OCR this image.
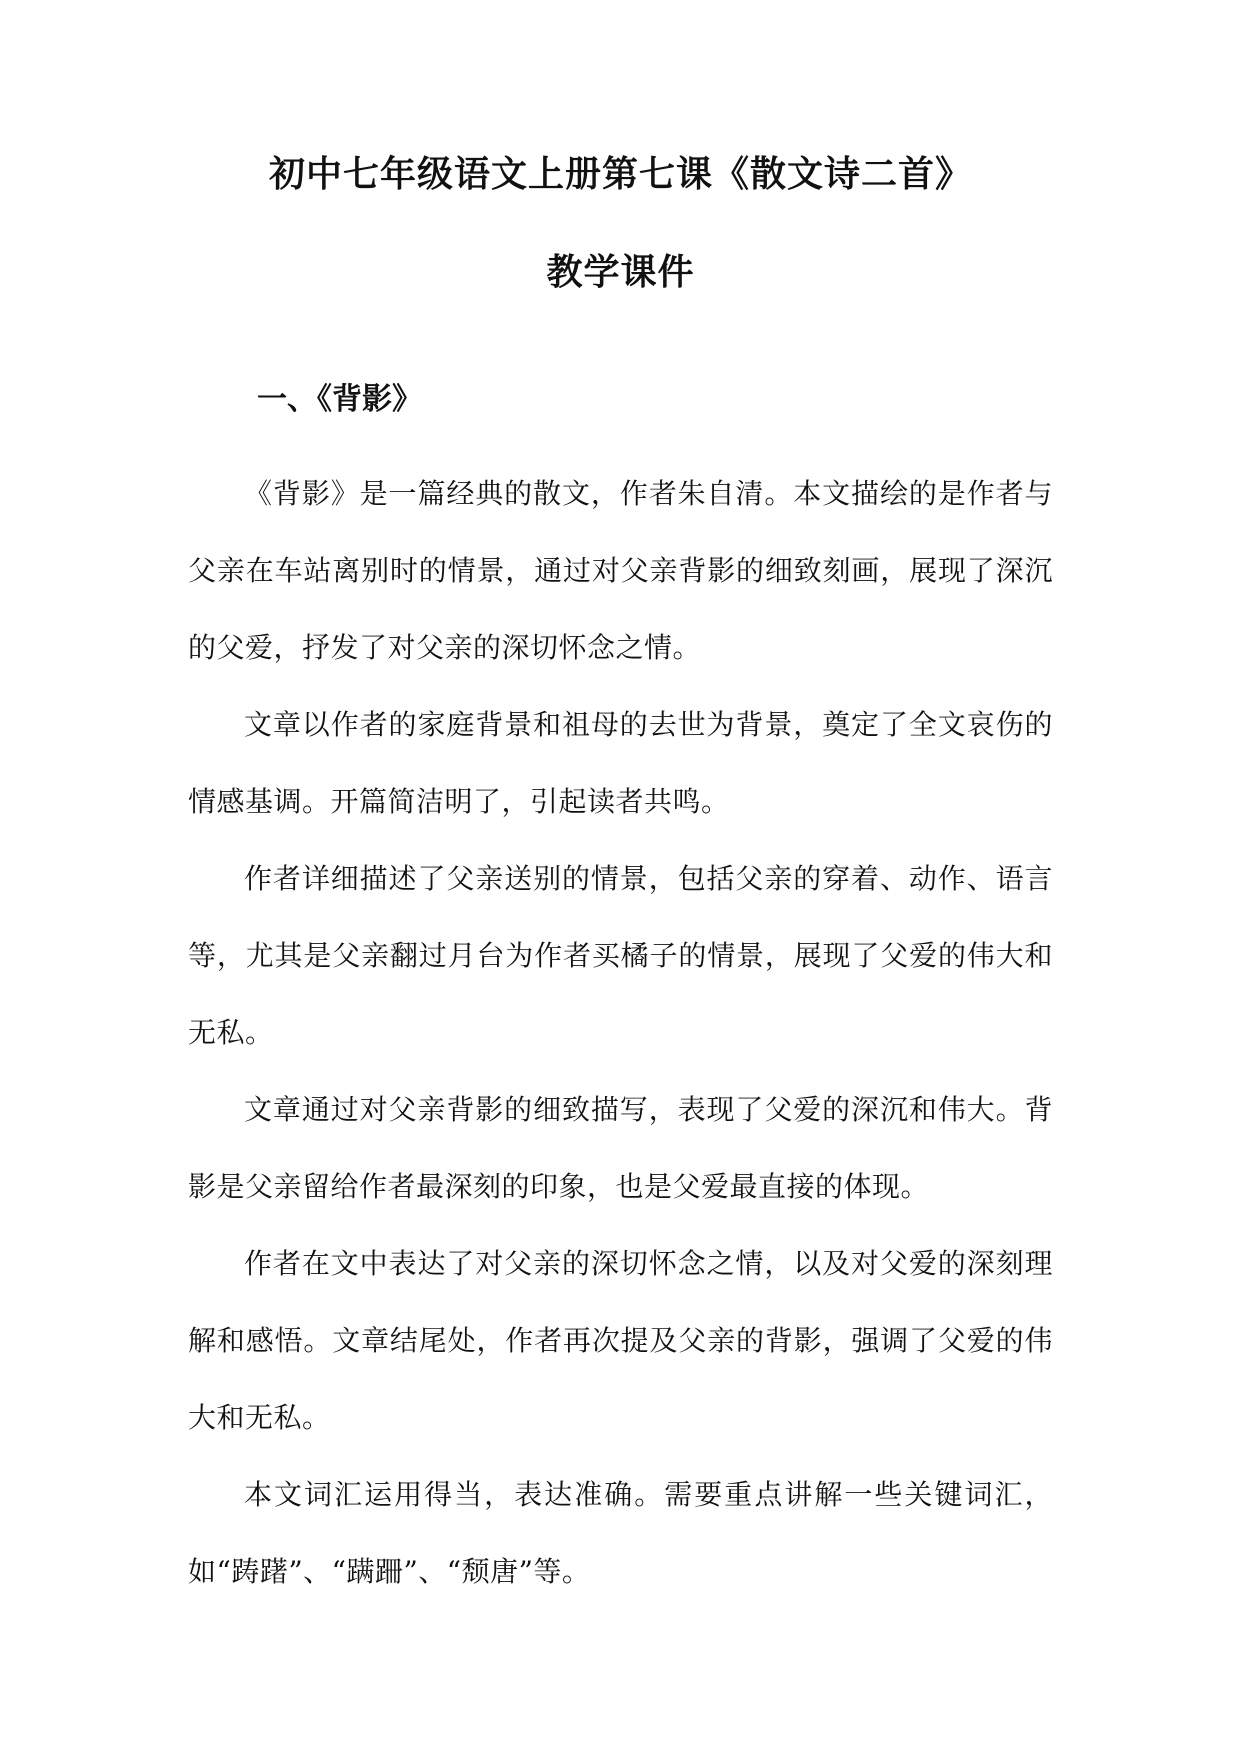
初中七年级语文上册第七课《散文诗二首》
教学课件
一、《背影》

《背影》是一篇经典的散文，作者朱自清。本文描绘的是作者与父亲在车站离别时的情景，通过对父亲背影的细致刻画，展现了深沉的父爱，抒发了对父亲的深切怀念之情。

文章以作者的家庭背景和祖母的去世为背景，奠定了全文哀伤的情感基调。开篇简洁明了，引起读者共鸣。

作者详细描述了父亲送别的情景，包括父亲的穿着、动作、语言等，尤其是父亲翻过月台为作者买橘子的情景，展现了父爱的伟大和无私。

文章通过对父亲背影的细致描写，表现了父爱的深沉和伟大。背影是父亲留给作者最深刻的印象，也是父爱最直接的体现。

作者在文中表达了对父亲的深切怀念之情，以及对父爱的深刻理解和感悟。文章结尾处，作者再次提及父亲的背影，强调了父爱的伟大和无私。

本文词汇运用得当，表达准确。需要重点讲解一些关键词汇，如“踌躇”、“蹒跚”、“颓唐”等。
